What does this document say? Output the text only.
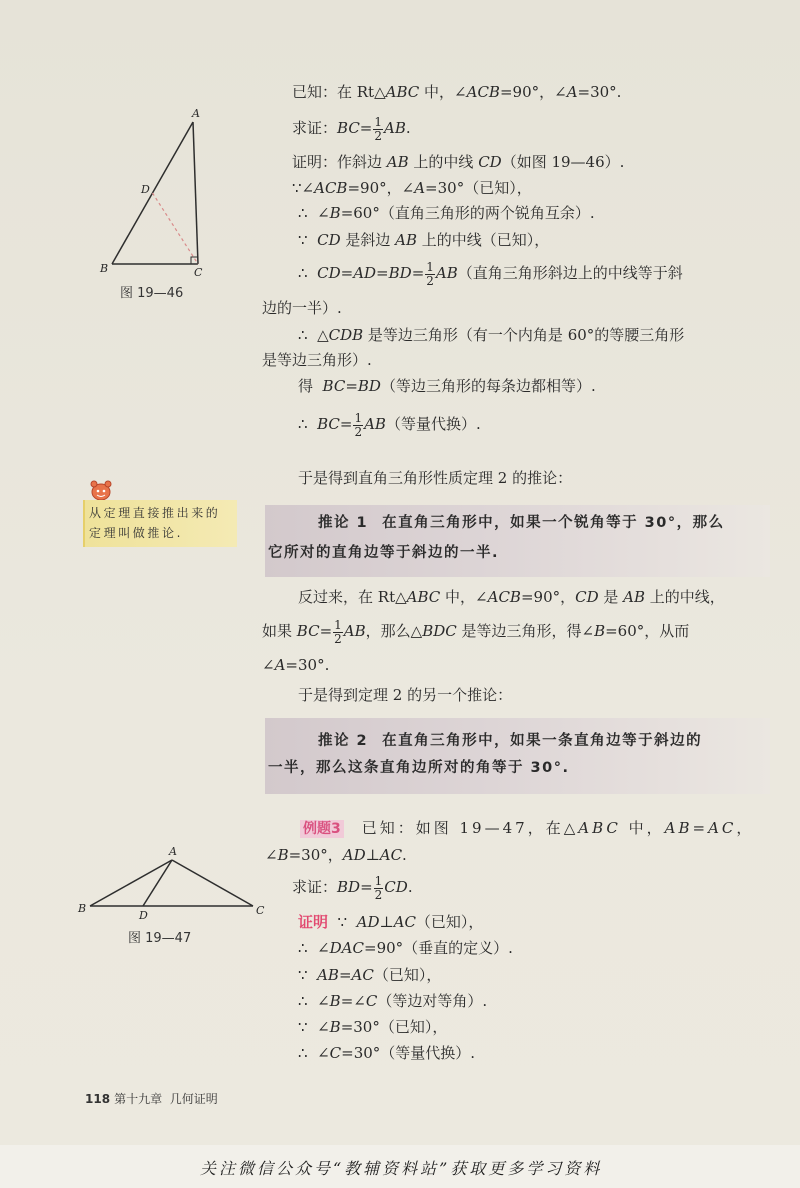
A
B	C
D
图 19—46
已知：在 Rt△ABC 中，∠ACB=90°，∠A=30°.
求证：$BC= \frac{1}{2}$ AB.
证明：作斜边 AB 上的中线 CD（如图 19—46）.
∵∠ACB=90°，∠A=30°（已知），
∴  ∠B=60°（直角三角形的两个锐角互余）.
∵  CD 是斜边 AB 上的中线（已知），
∴  $CD=AD=BD= \frac{1}{2} AB$（直角三角形斜边上的中线等于斜
边的一半）.
∴  △CDB 是等边三角形（有一个内角是 60°的等腰三角形
是等边三角形）.
得  BC=BD（等边三角形的每条边都相等）.
∴  $BC= \frac{1}{2} AB$（等量代换）.
于是得到直角三角形性质定理 2 的推论：
从定理直接推出来的
定理叫做推论.
推论 1 在直角三角形中，如果一个锐角等于 30°，那么
它所对的直角边等于斜边的一半.
反过来，在 Rt△ABC 中，∠ACB=90°，CD 是 AB 上的中线，
如果 $BC= \frac{1}{2}$ AB，那么△BDC 是等边三角形，得∠B=60°，从而
∠A=30°.
于是得到定理 2 的另一个推论：
推论 2 在直角三角形中，如果一条直角边等于斜边的
一半，那么这条直角边所对的角等于 30°.
A
B	C
D
图 19—47
例题3 已知：如图 19—47，在△ABC 中，AB=AC，
∠B=30°，AD⊥AC.
求证：$BD= \frac{1}{2}$ CD.
证明  ∵  AD⊥AC（已知），
∴  ∠DAC=90°（垂直的定义）.
∵  AB=AC（已知），
∴  ∠B=∠C（等边对等角）.
∵  ∠B=30°（已知），
∴  ∠C=30°（等量代换）.
118 第十九章 几何证明
关注微信公众号“教辅资料站”获取更多学习资料
